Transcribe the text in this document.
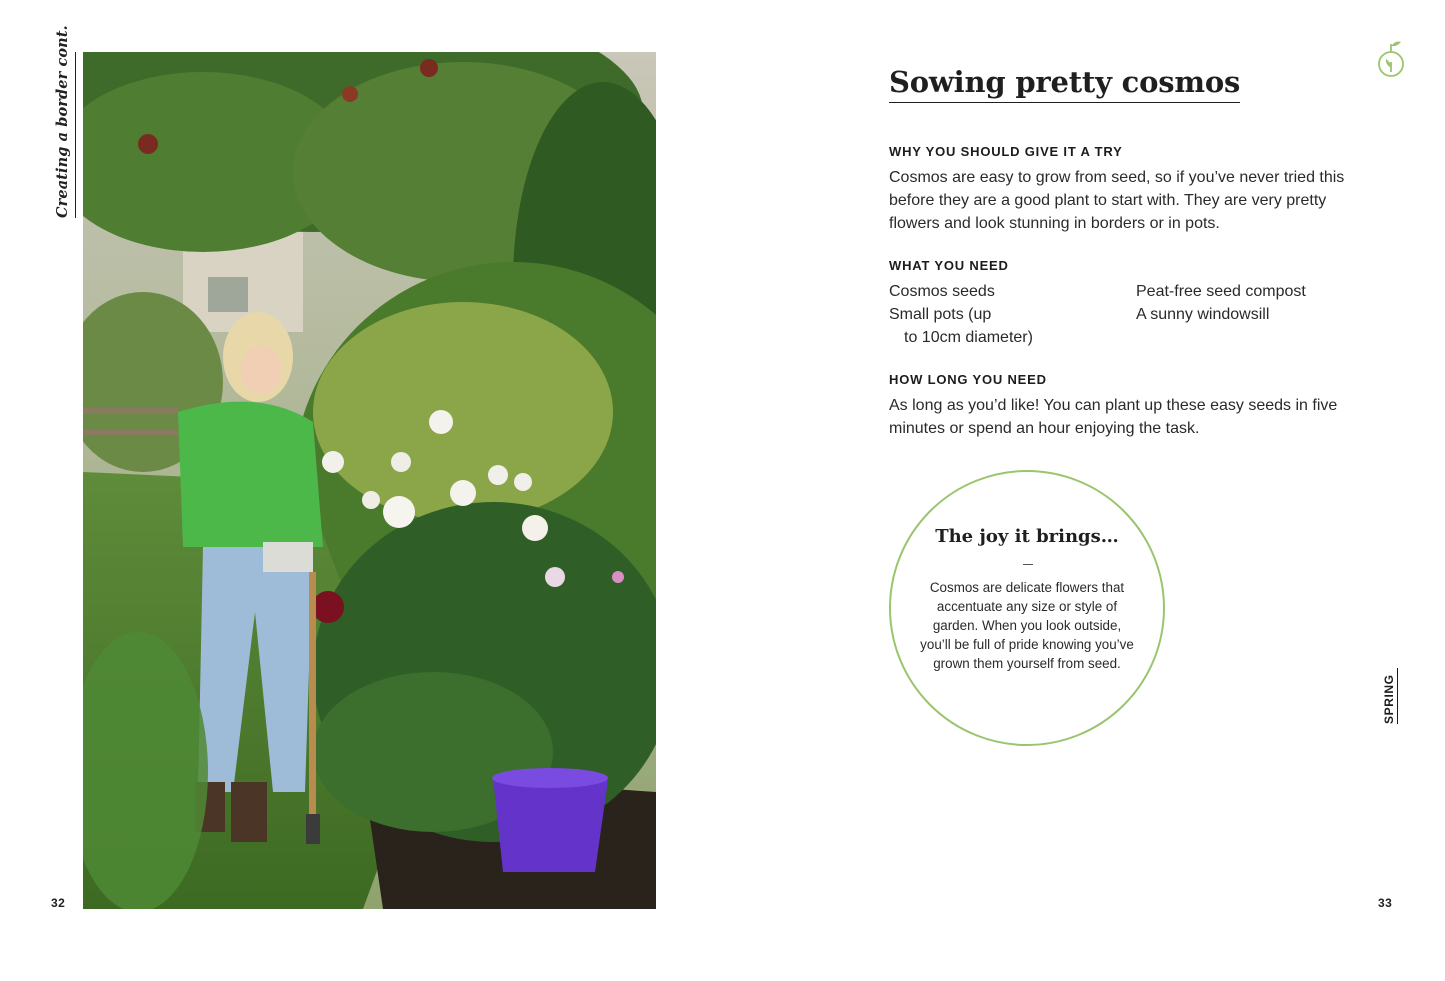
Creating a border cont.
32
Sowing pretty cosmos
WHY YOU SHOULD GIVE IT A TRY

Cosmos are easy to grow from seed, so if you’ve never tried this before they are a good plant to start with. They are very pretty flowers and look stunning in borders or in pots.

WHAT YOU NEED
Cosmos seeds
Small pots (up
to 10cm diameter)
Peat-free seed compost
A sunny windowsill
HOW LONG YOU NEED

As long as you’d like! You can plant up these easy seeds in five minutes or spend an hour enjoying the task.

The joy it brings…
Cosmos are delicate flowers that accentuate any size or style of garden. When you look outside, you’ll be full of pride knowing you’ve grown them yourself from seed.
SPRING
33
